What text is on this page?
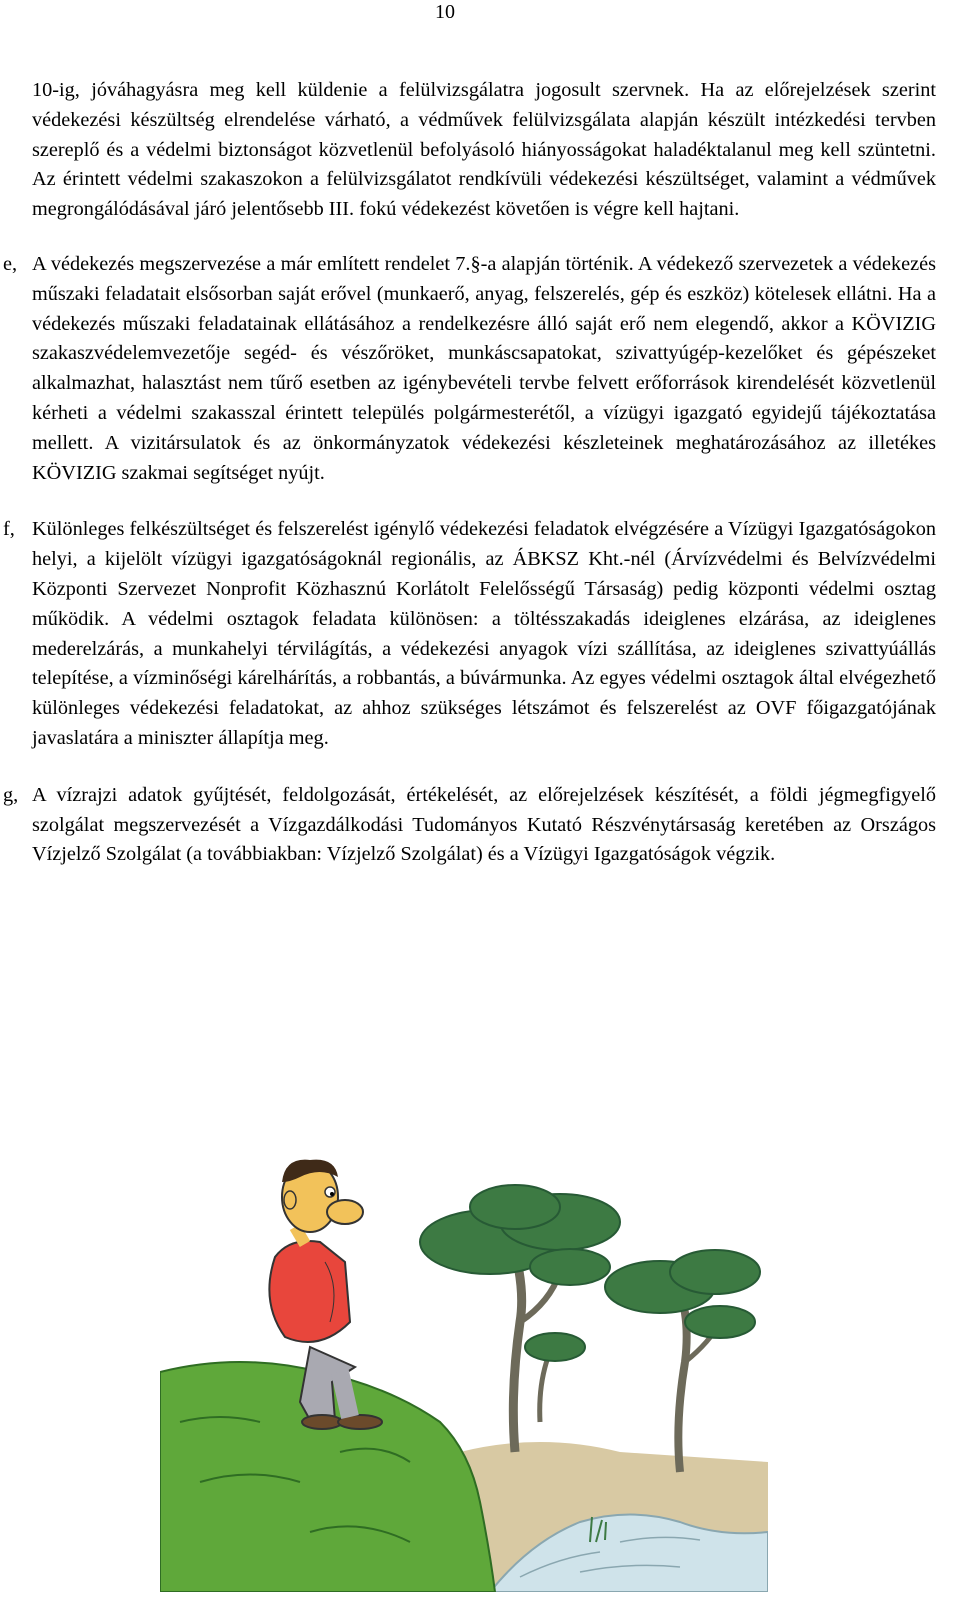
10

10-ig, jóváhagyásra meg kell küldenie a felülvizsgálatra jogosult szervnek. Ha az előrejelzések szerint védekezési készültség elrendelése várható, a védművek felülvizsgálata alapján készült intézkedési tervben szereplő és a védelmi biztonságot közvetlenül befolyásoló hiányosságokat haladéktalanul meg kell szüntetni. Az érintett védelmi szakaszokon a felülvizsgálatot rendkívüli védekezési készültséget, valamint a védművek megrongálódásával járó jelentősebb III. fokú védekezést követően is végre kell hajtani.

e, A védekezés megszervezése a már említett rendelet 7.§-a alapján történik. A védekező szervezetek a védekezés műszaki feladatait elsősorban saját erővel (munkaerő, anyag, felszerelés, gép és eszköz) kötelesek ellátni. Ha a védekezés műszaki feladatainak ellátásához a rendelkezésre álló saját erő nem elegendő, akkor a KÖVIZIG szakaszvédelemvezetője segéd- és vészőröket, munkáscsapatokat, szivattyúgép-kezelőket és gépészeket alkalmazhat, halasztást nem tűrő esetben az igénybevételi tervbe felvett erőforrások kirendelését közvetlenül kérheti a védelmi szakasszal érintett település polgármesterétől, a vízügyi igazgató egyidejű tájékoztatása mellett. A vizitársulatok és az önkormányzatok védekezési készleteinek meghatározásához az illetékes KÖVIZIG szakmai segítséget nyújt.

f, Különleges felkészültséget és felszerelést igénylő védekezési feladatok elvégzésére a Vízügyi Igazgatóságokon helyi, a kijelölt vízügyi igazgatóságoknál regionális, az ÁBKSZ Kht.-nél (Árvízvédelmi és Belvízvédelmi Központi Szervezet Nonprofit Közhasznú Korlátolt Felelősségű Társaság) pedig központi védelmi osztag működik. A védelmi osztagok feladata különösen: a töltésszakadás ideiglenes elzárása, az ideiglenes mederelzárás, a munkahelyi térvilágítás, a védekezési anyagok vízi szállítása, az ideiglenes szivattyúállás telepítése, a vízminőségi kárelhárítás, a robbantás, a búvármunka. Az egyes védelmi osztagok által elvégezhető különleges védekezési feladatokat, az ahhoz szükséges létszámot és felszerelést az OVF főigazgatójának javaslatára a miniszter állapítja meg.

g, A vízrajzi adatok gyűjtését, feldolgozását, értékelését, az előrejelzések készítését, a földi jégmegfigyelő szolgálat megszervezését a Vízgazdálkodási Tudományos Kutató Részvénytársaság keretében az Országos Vízjelző Szolgálat (a továbbiakban: Vízjelző Szolgálat) és a Vízügyi Igazgatóságok végzik.
